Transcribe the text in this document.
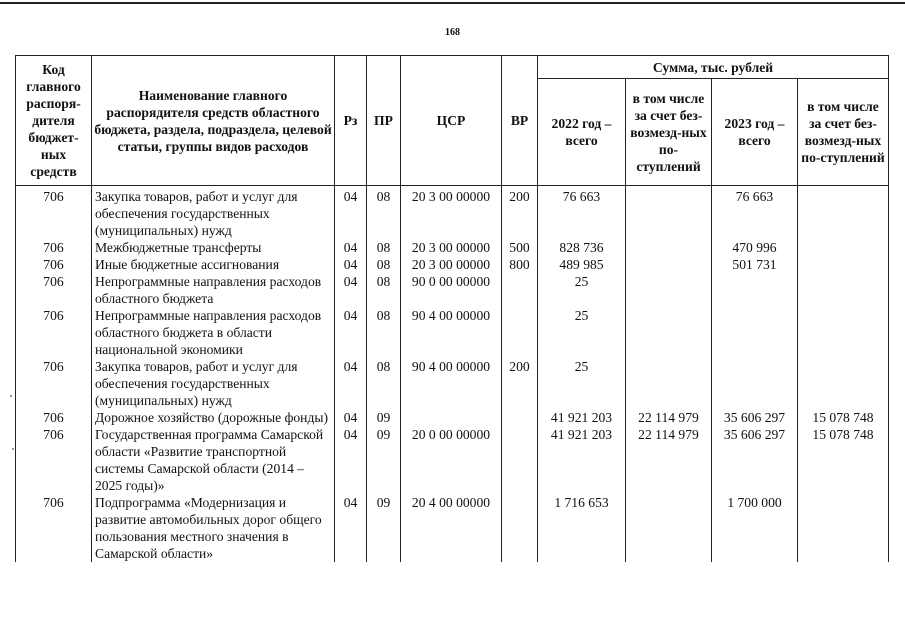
168
Код главного распоря-дителя бюджет-ных средств	Наименование главного распорядителя средств областного бюджета, раздела, подраздела, целевой статьи, группы видов расходов	Рз	ПР	ЦСР	ВР	Сумма, тыс. рублей			
						2022 год – всего	в том числе за счет без-возмезд-ных по-ступлений	2023 год – всего	в том числе за счет без-возмезд-ных по-ступлений
706	Закупка товаров, работ и услуг для обеспечения государственных (муниципальных) нужд	04	08	20 3 00 00000	200	76 663		76 663	
706	Межбюджетные трансферты	04	08	20 3 00 00000	500	828 736		470 996	
706	Иные бюджетные ассигнования	04	08	20 3 00 00000	800	489 985		501 731	
706	Непрограммные направления расходов областного бюджета	04	08	90 0 00 00000		25			
706	Непрограммные направления расходов областного бюджета в области национальной экономики	04	08	90 4 00 00000		25			
706	Закупка товаров, работ и услуг для обеспечения государственных (муниципальных) нужд	04	08	90 4 00 00000	200	25			
706	Дорожное хозяйство (дорожные фонды)	04	09			41 921 203	22 114 979	35 606 297	15 078 748
706	Государственная программа Самарской области «Развитие транспортной системы Самарской области (2014 – 2025 годы)»	04	09	20 0 00 00000		41 921 203	22 114 979	35 606 297	15 078 748
706	Подпрограмма «Модернизация и развитие автомобильных дорог общего пользования местного значения в Самарской области»	04	09	20 4 00 00000		1 716 653		1 700 000	
